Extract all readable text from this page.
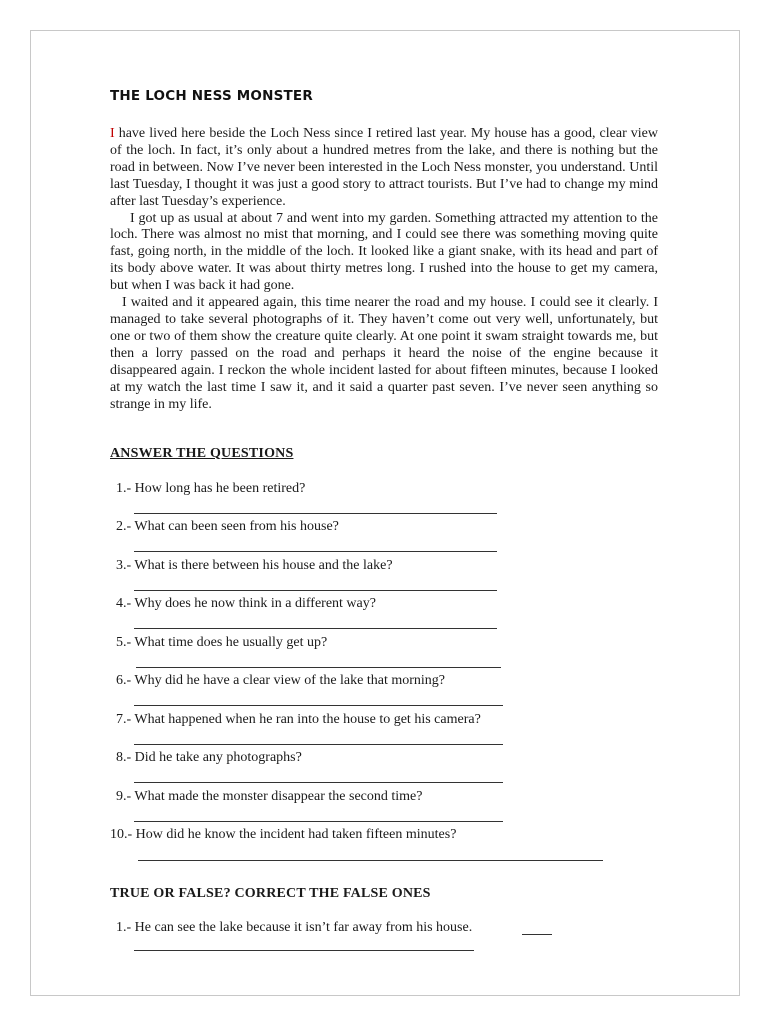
THE LOCH NESS MONSTER

I have lived here beside the Loch Ness since I retired last year. My house has a good, clear view of the loch. In fact, it’s only about a hundred metres from the lake, and there is nothing but the road in between. Now I’ve never been interested in the Loch Ness monster, you understand. Until last Tuesday, I thought it was just a good story to attract tourists. But I’ve had to change my mind after last Tuesday’s experience.

I got up as usual at about 7 and went into my garden. Something attracted my attention to the loch. There was almost no mist that morning, and I could see there was something moving quite fast, going north, in the middle of the loch. It looked like a giant snake, with its head and part of its body above water. It was about thirty metres long. I rushed into the house to get my camera, but when I was back it had gone.

I waited and it appeared again, this time nearer the road and my house. I could see it clearly. I managed to take several photographs of it. They haven’t come out very well, unfortunately, but one or two of them show the creature quite clearly. At one point it swam straight towards me, but then a lorry passed on the road and perhaps it heard the noise of the engine because it disappeared again. I reckon the whole incident lasted for about fifteen minutes, because I looked at my watch the last time I saw it, and it said a quarter past seven. I’ve never seen anything so strange in my life.

ANSWER THE QUESTIONS
1.- How long has he been retired?
2.- What can been seen from his house?
3.- What is there between his house and the lake?
4.- Why does he now think in a different way?
5.- What time does he usually get up?
6.- Why did he have a clear view of the lake that morning?
7.- What happened when he ran into the house to get his camera?
8.- Did he take any photographs?
9.- What made the monster disappear the second time?
10.- How did he know the incident had taken fifteen minutes?
TRUE OR FALSE? CORRECT THE FALSE ONES
1.- He can see the lake because it isn’t far away from his house.
